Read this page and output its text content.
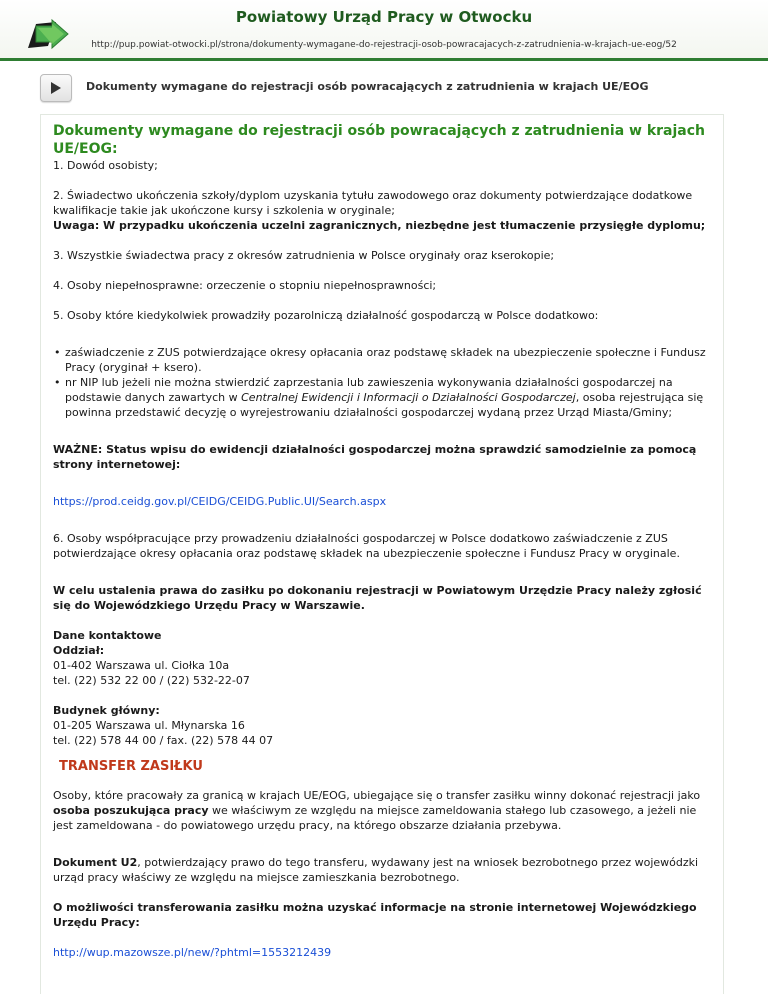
Powiatowy Urząd Pracy w Otwocku
http://pup.powiat-otwocki.pl/strona/dokumenty-wymagane-do-rejestracji-osob-powracajacych-z-zatrudnienia-w-krajach-ue-eog/52
Dokumenty wymagane do rejestracji osób powracających z zatrudnienia w krajach UE/EOG
Dokumenty wymagane do rejestracji osób powracających z zatrudnienia w krajach UE/EOG:

1. Dowód osobisty;

2. Świadectwo ukończenia szkoły/dyplom uzyskania tytułu zawodowego oraz dokumenty potwierdzające dodatkowe kwalifikacje takie jak ukończone kursy i szkolenia w oryginale;

Uwaga: W przypadku ukończenia uczelni zagranicznych, niezbędne jest tłumaczenie przysięgłe dyplomu;

3. Wszystkie świadectwa pracy z okresów zatrudnienia w Polsce oryginały oraz kserokopie;

4. Osoby niepełnosprawne: orzeczenie o stopniu niepełnosprawności;

5. Osoby które kiedykolwiek prowadziły pozarolniczą działalność gospodarczą w Polsce dodatkowo:

• zaświadczenie z ZUS potwierdzające okresy opłacania oraz podstawę składek na ubezpieczenie społeczne i Fundusz Pracy (oryginał + ksero).
• nr NIP lub jeżeli nie można stwierdzić zaprzestania lub zawieszenia wykonywania działalności gospodarczej na podstawie danych zawartych w Centralnej Ewidencji i Informacji o Działalności Gospodarczej, osoba rejestrująca się powinna przedstawić decyzję o wyrejestrowaniu działalności gospodarczej wydaną przez Urząd Miasta/Gminy;

WAŻNE: Status wpisu do ewidencji działalności gospodarczej można sprawdzić samodzielnie za pomocą strony internetowej:

https://prod.ceidg.gov.pl/CEIDG/CEIDG.Public.UI/Search.aspx

6. Osoby współpracujące przy prowadzeniu działalności gospodarczej w Polsce dodatkowo zaświadczenie z ZUS potwierdzające okresy opłacania oraz podstawę składek na ubezpieczenie społeczne i Fundusz Pracy w oryginale.

W celu ustalenia prawa do zasiłku po dokonaniu rejestracji w Powiatowym Urzędzie Pracy należy zgłosić się do Wojewódzkiego Urzędu Pracy w Warszawie.

Dane kontaktowe

Oddział:

01-402 Warszawa ul. Ciołka 10a

tel. (22) 532 22 00 / (22) 532-22-07

Budynek główny:

01-205 Warszawa ul. Młynarska 16

tel. (22) 578 44 00 / fax. (22) 578 44 07

TRANSFER ZASIŁKU

Osoby, które pracowały za granicą w krajach UE/EOG, ubiegające się o transfer zasiłku winny dokonać rejestracji jako osoba poszukująca pracy we właściwym ze względu na miejsce zameldowania stałego lub czasowego, a jeżeli nie jest zameldowana - do powiatowego urzędu pracy, na którego obszarze działania przebywa.

Dokument U2, potwierdzający prawo do tego transferu, wydawany jest na wniosek bezrobotnego przez wojewódzki urząd pracy właściwy ze względu na miejsce zamieszkania bezrobotnego.

O możliwości transferowania zasiłku można uzyskać informacje na stronie internetowej Wojewódzkiego Urzędu Pracy:

http://wup.mazowsze.pl/new/?phtml=1553212439
